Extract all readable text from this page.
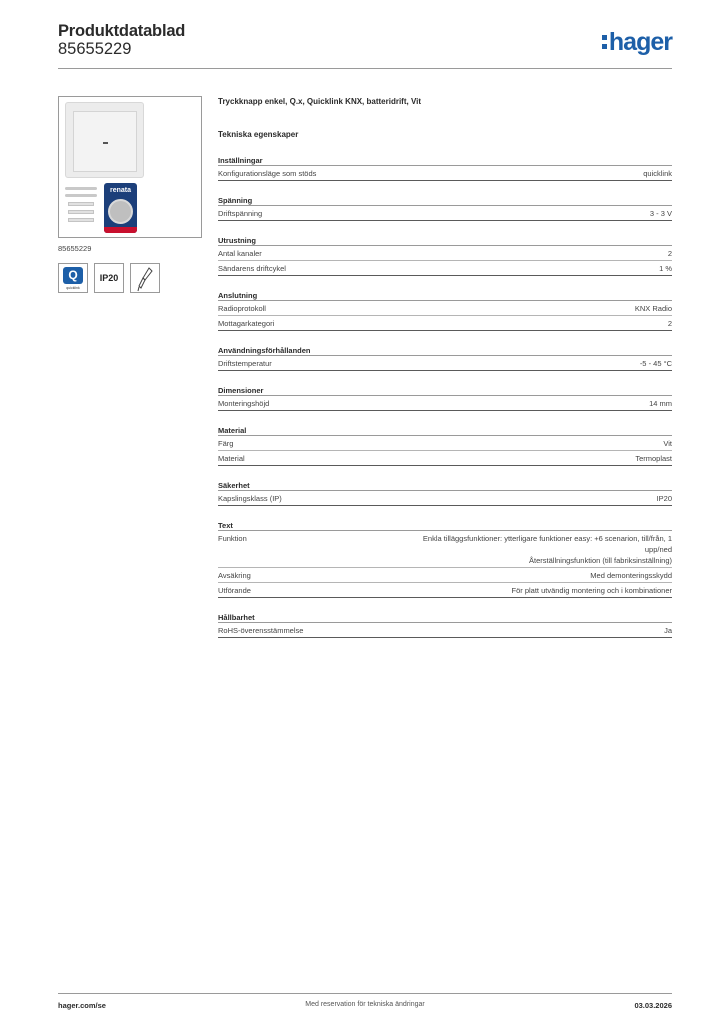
Produktdatablad
85655229	hager
renata
85655229
Q
quicklink
IP20
Tryckknapp enkel, Q.x, Quicklink KNX, batteridrift, Vit
Tekniska egenskaper
Inställningar
Konfigurationsläge som stöds	quicklink
Spänning
Driftspänning	3 - 3 V
Utrustning
Antal kanaler	2
Sändarens driftcykel	1 %
Anslutning
Radioprotokoll	KNX Radio
Mottagarkategori	2
Användningsförhållanden
Driftstemperatur	-5 - 45 °C
Dimensioner
Monteringshöjd	14 mm
Material
Färg	Vit
Material	Termoplast
Säkerhet
Kapslingsklass (IP)	IP20
Text
Funktion	Enkla tilläggsfunktioner: ytterligare funktioner easy: +6 scenarion, till/från, 1
upp/ned
Återställningsfunktion (till fabriksinställning)
Avsäkring	Med demonteringsskydd
Utförande	För platt utvändig montering och i kombinationer
Hållbarhet
RoHS-överensstämmelse	Ja
hager.com/se	Med reservation för tekniska ändringar	03.03.2026
